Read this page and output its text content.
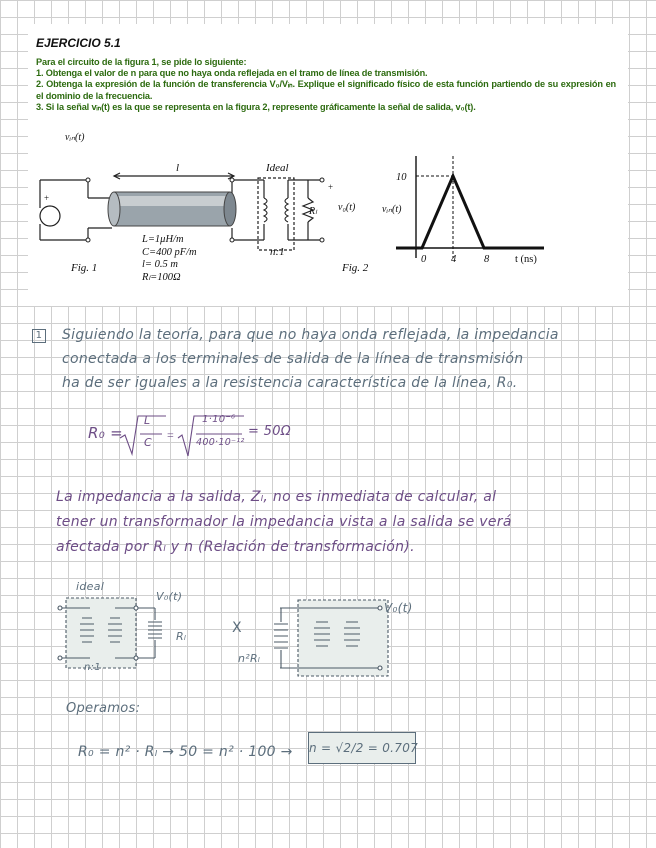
EJERCICIO 5.1
Para el circuito de la figura 1, se pide lo siguiente:
1. Obtenga el valor de n para que no haya onda reflejada en el tramo de línea de transmisión.
2. Obtenga la expresión de la función de transferencia V₀/Vᵢₙ. Explique el significado físico de esta función partiendo de su expresión en el dominio de la frecuencia.
3. Si la señal vᵢₙ(t) es la que se representa en la figura 2, represente gráficamente la señal de salida, v₀(t).
+
+
vᵢₙ(t)
l	Ideal
Rₗ v₀(t)
n:1
Fig. 1
L=1μH/m
C=400 pF/m
l= 0.5 m
Rₗ=100Ω
Fig. 2
10
vᵢₙ(t)
0 4	8 t (ns)
1 Siguiendo la teoría, para que no haya onda reflejada, la impedancia
conectada a los terminales de salida de la línea de transmisión
ha de ser iguales a la resistencia característica de la línea, R₀.
R₀ =	=
L
C
1·10⁻⁶
400·10⁻¹²
= 50Ω
La impedancia a la salida, Zₗ, no es inmediata de calcular, al
tener un transformador la impedancia vista a la salida se verá
afectada por Rₗ y n (Relación de transformación).
ideal
V₀(t)
Rₗ
n:1
X
n²Rₗ
V₀(t)
Operamos:
R₀ = n² · Rₗ → 50 = n² · 100 → n = √2/2 = 0.707
